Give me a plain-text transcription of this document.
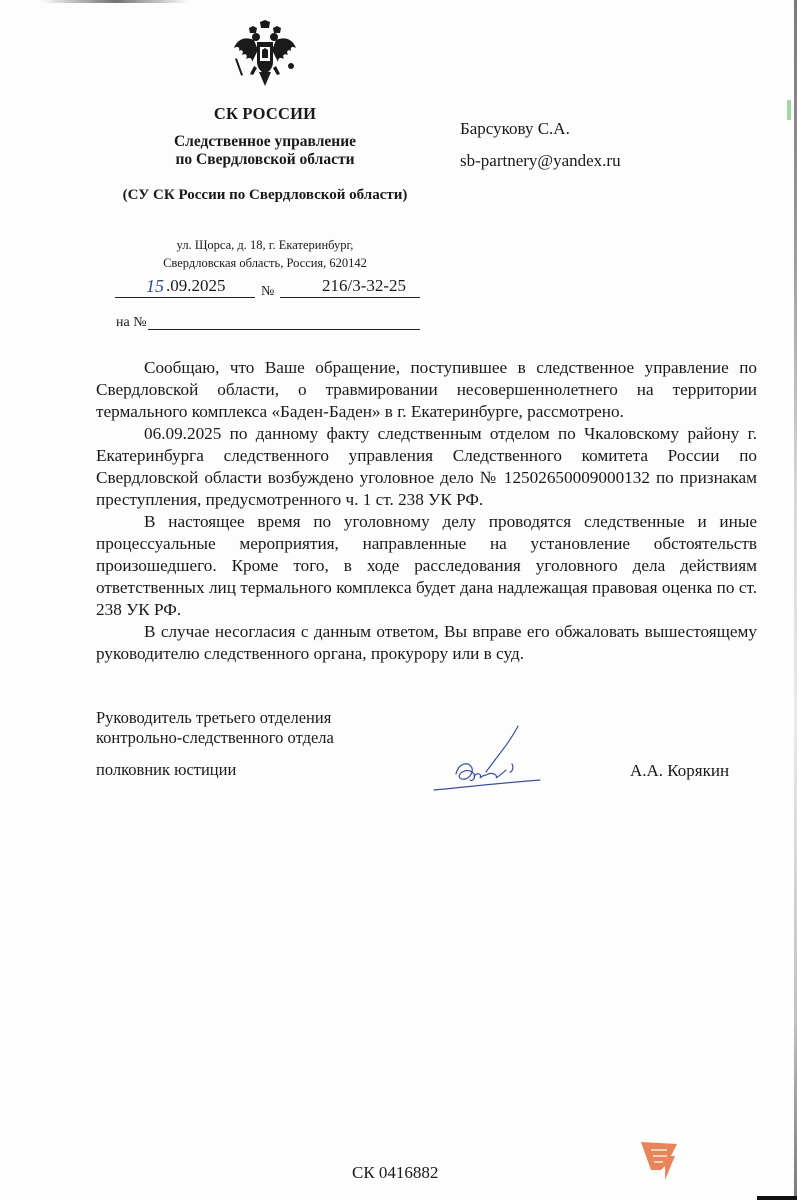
СК РОССИИ
Следственное управление
по Свердловской области
(СУ СК России по Свердловской области)
ул. Щорса, д. 18, г. Екатеринбург,
Свердловская область, Россия, 620142
15 .09.2025	№	216/3-32-25
на №
Барсукову С.А.
sb-partnery@yandex.ru

Сообщаю, что Ваше обращение, поступившее в следственное управление по Свердловской области, о травмировании несовершеннолетнего на территории термального комплекса «Баден-Баден» в г. Екатеринбурге, рассмотрено.

06.09.2025 по данному факту следственным отделом по Чкаловскому району г. Екатеринбурга следственного управления Следственного комитета России по Свердловской области возбуждено уголовное дело № 12502650009000132 по признакам преступления, предусмотренного ч. 1 ст. 238 УК РФ.

В настоящее время по уголовному делу проводятся следственные и иные процессуальные мероприятия, направленные на установление обстоятельств произошедшего. Кроме того, в ходе расследования уголовного дела действиям ответственных лиц термального комплекса будет дана надлежащая правовая оценка по ст. 238 УК РФ.

В случае несогласия с данным ответом, Вы вправе его обжаловать вышестоящему руководителю следственного органа, прокурору или в суд.

Руководитель третьего отделения
контрольно-следственного отдела
полковник юстиции	А.А. Корякин
СК 0416882
